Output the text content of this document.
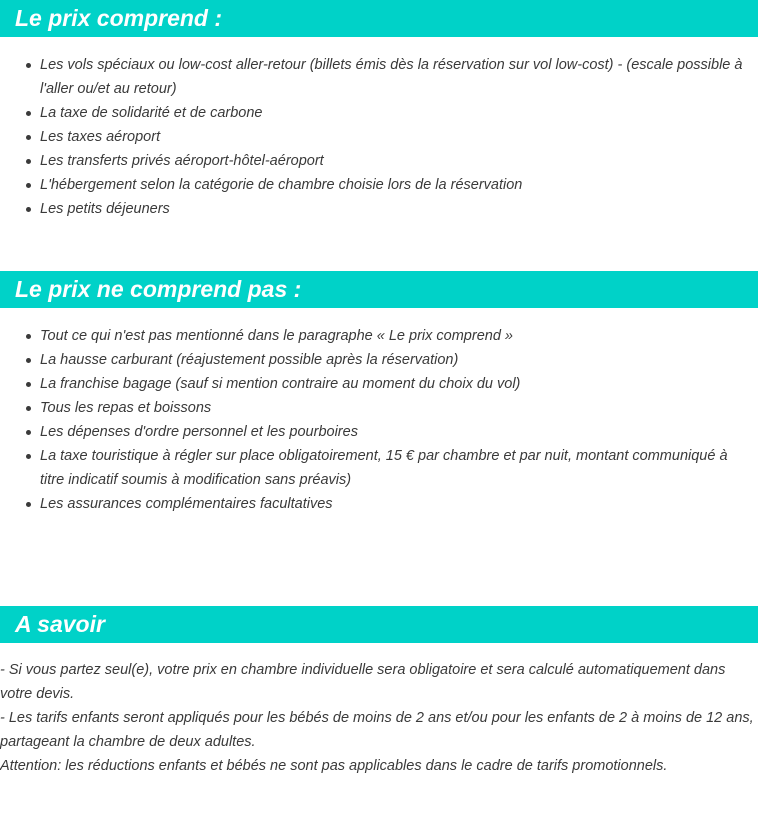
Le prix comprend :
Les vols spéciaux ou low-cost aller-retour (billets émis dès la réservation sur vol low-cost) - (escale possible à l'aller ou/et au retour)
La taxe de solidarité et de carbone
Les taxes aéroport
Les transferts privés aéroport-hôtel-aéroport
L'hébergement selon la catégorie de chambre choisie lors de la réservation
Les petits déjeuners
Le prix ne comprend pas :
Tout ce qui n'est pas mentionné dans le paragraphe « Le prix comprend »
La hausse carburant (réajustement possible après la réservation)
La franchise bagage (sauf si mention contraire au moment du choix du vol)
Tous les repas et boissons
Les dépenses d'ordre personnel et les pourboires
La taxe touristique à régler sur place obligatoirement, 15 € par chambre et par nuit, montant communiqué à titre indicatif soumis à modification sans préavis)
Les assurances complémentaires facultatives
A savoir

- Si vous partez seul(e), votre prix en chambre individuelle sera obligatoire et sera calculé automatiquement dans votre devis.

- Les tarifs enfants seront appliqués pour les bébés de moins de 2 ans et/ou pour les enfants de 2 à moins de 12 ans, partageant la chambre de deux adultes.

Attention: les réductions enfants et bébés ne sont pas applicables dans le cadre de tarifs promotionnels.
